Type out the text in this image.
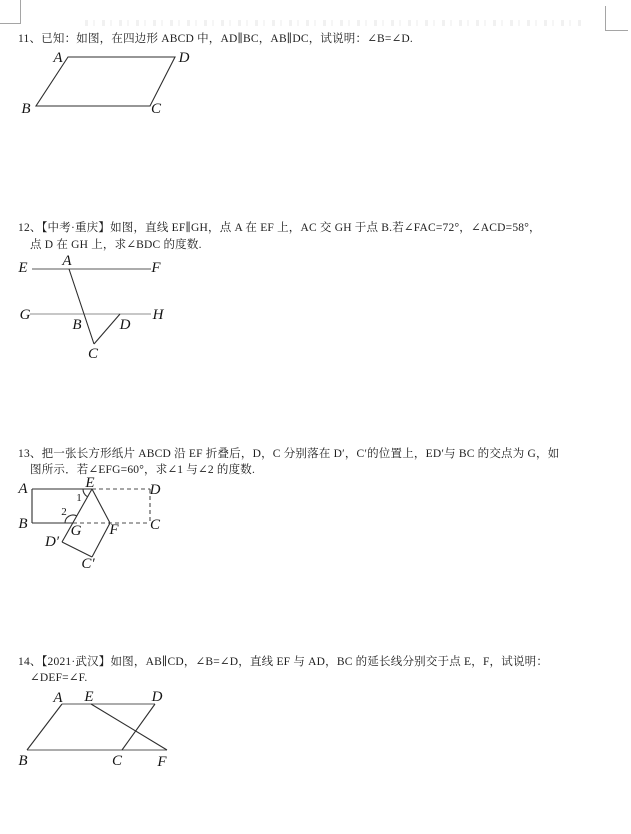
11、已知：如图，在四边形 ABCD 中，AD∥BC，AB∥DC，试说明：∠B=∠D.
A	D
B	C
12、【中考·重庆】如图，直线 EF∥GH，点 A 在 EF 上，AC 交 GH 于点 B.若∠FAC=72°，∠ACD=58°，
点 D 在 GH 上，求∠BDC 的度数.
E A	F
G	H
B	D
C
13、把一张长方形纸片 ABCD 沿 EF 折叠后，D，C 分别落在 D′，C′的位置上，ED′与 BC 的交点为 G，如
图所示．若∠EFG=60°，求∠1 与∠2 的度数.
A	E	D
B	G F C
D′
C′
1
2
14、【2021·武汉】如图，AB∥CD，∠B=∠D，直线 EF 与 AD，BC 的延长线分别交于点 E，F，试说明：
∠DEF=∠F.
A E	D
B	C F
